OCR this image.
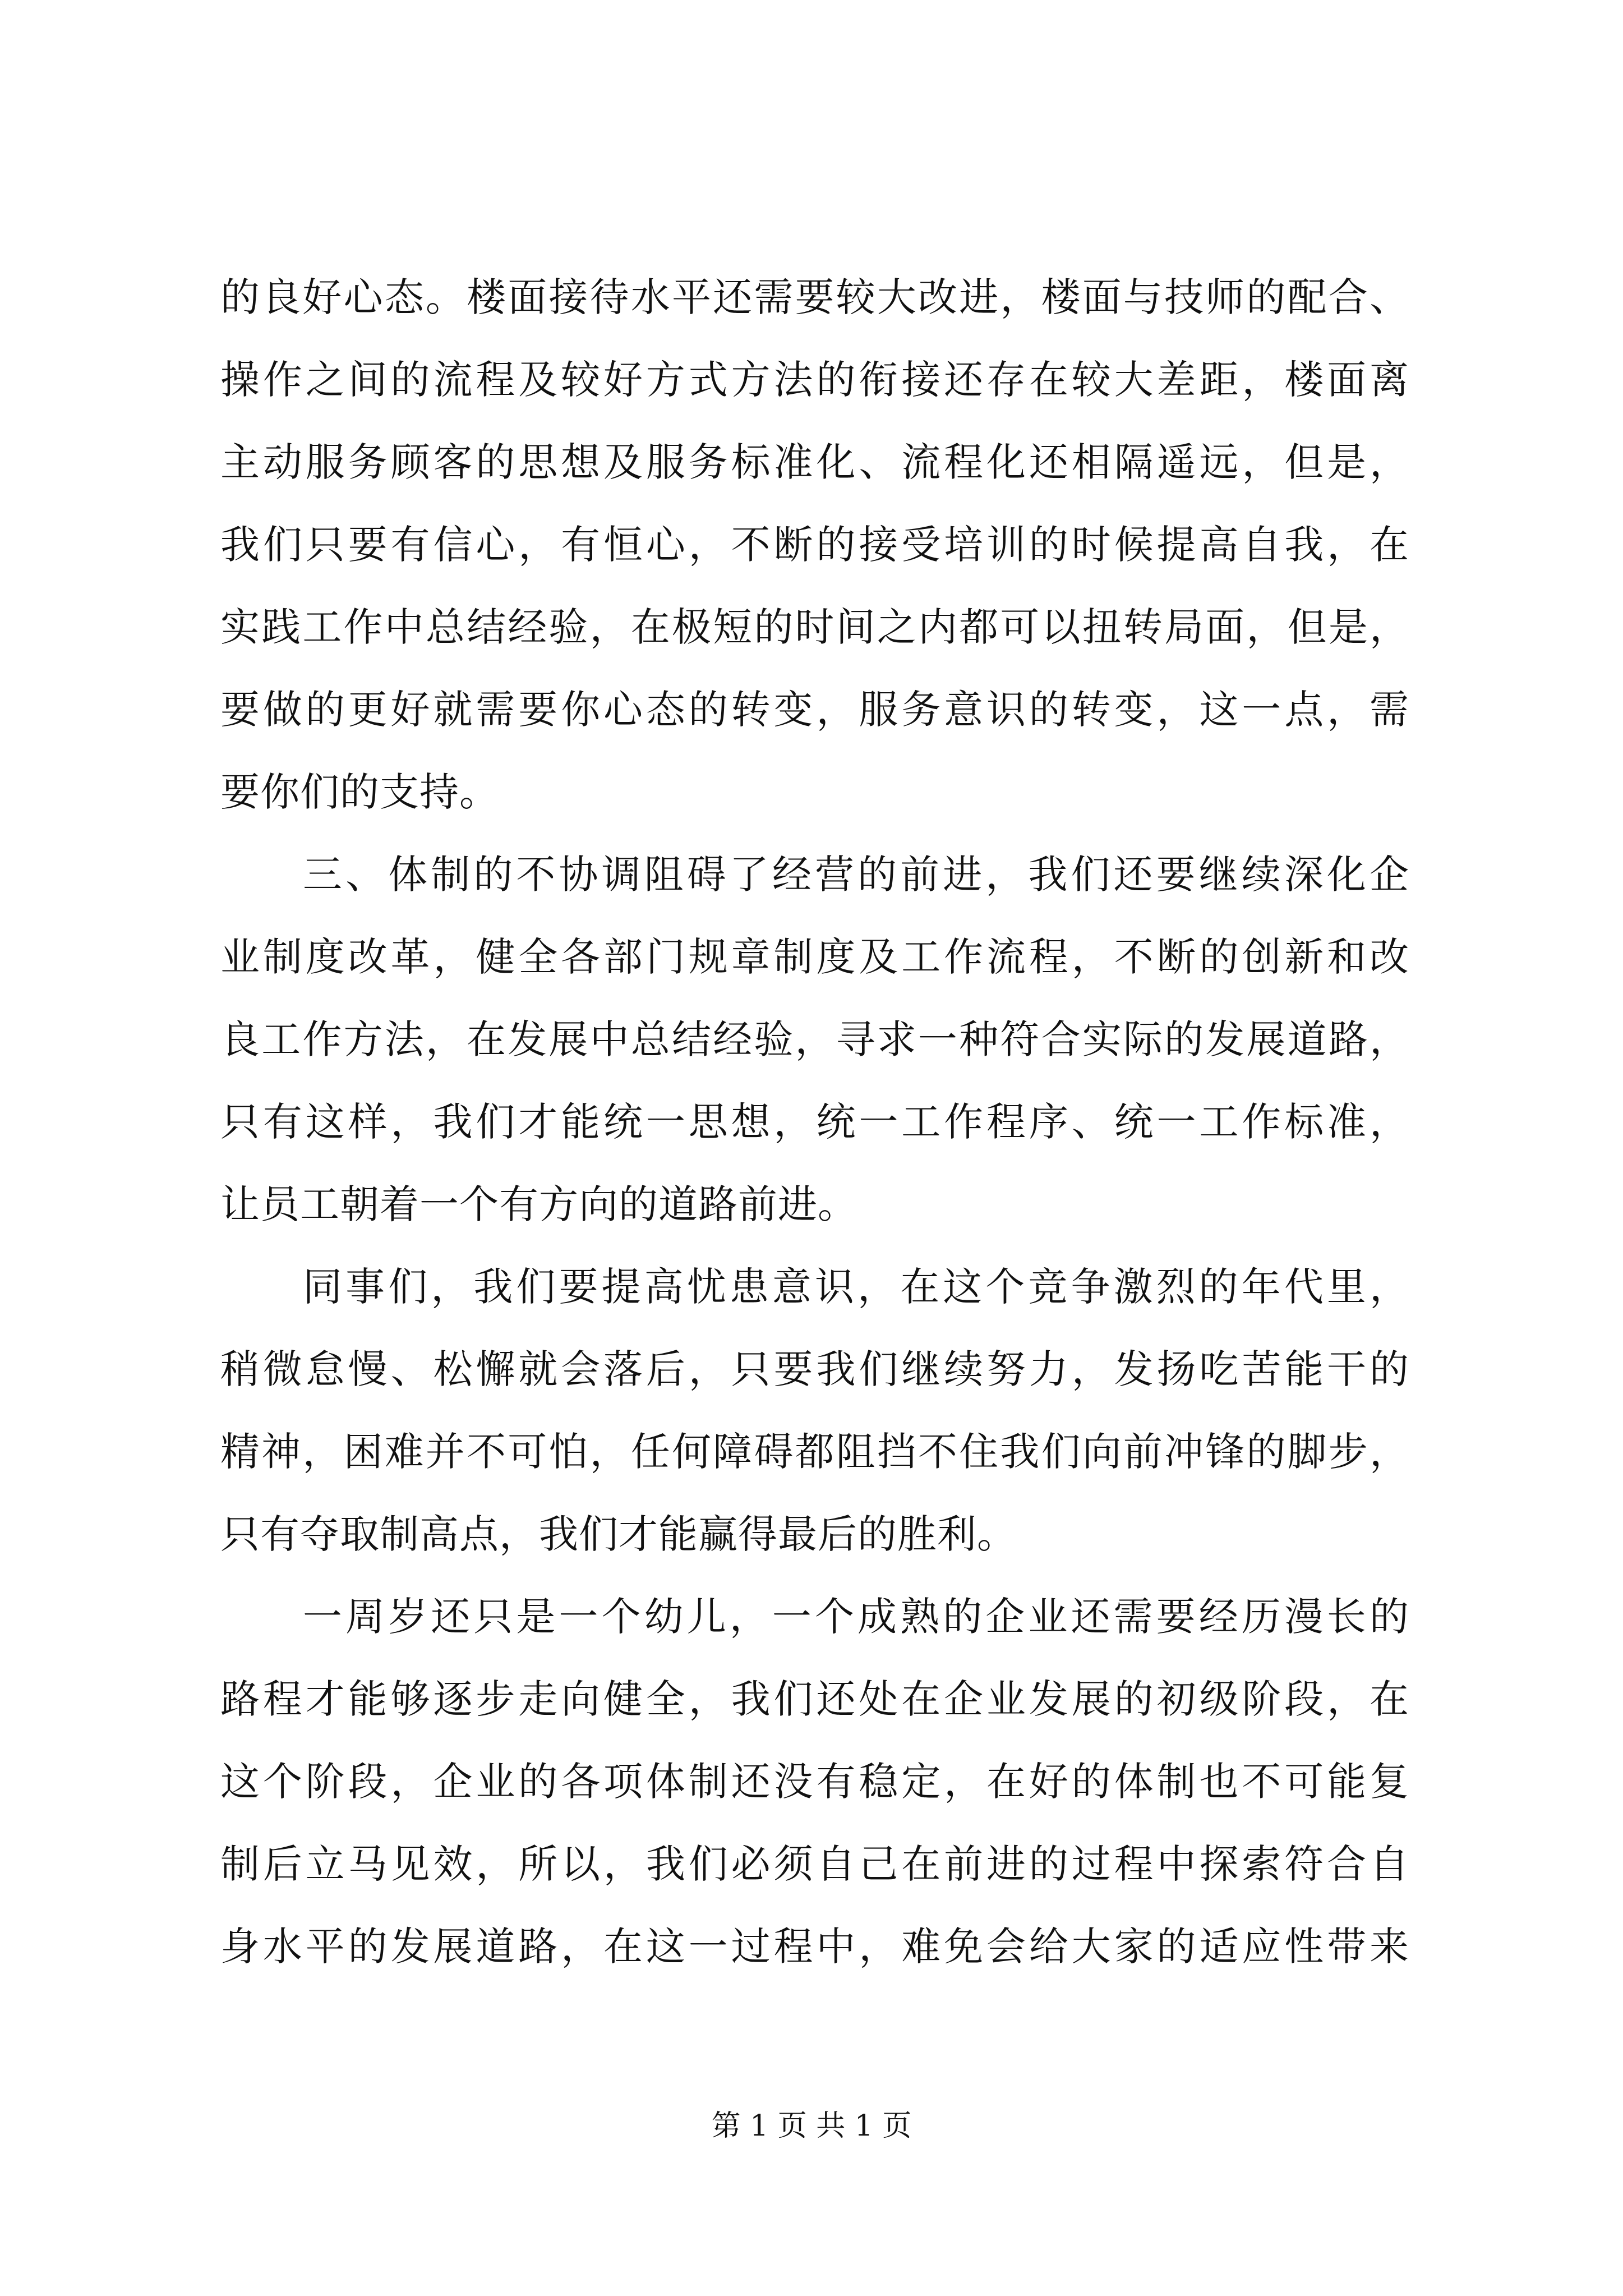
的良好心态。楼面接待水平还需要较大改进，楼面与技师的配合、
操作之间的流程及较好方式方法的衔接还存在较大差距，楼面离
主动服务顾客的思想及服务标准化、流程化还相隔遥远，但是，
我们只要有信心，有恒心，不断的接受培训的时候提高自我，在
实践工作中总结经验，在极短的时间之内都可以扭转局面，但是，
要做的更好就需要你心态的转变，服务意识的转变，这一点，需
要你们的支持。
三、体制的不协调阻碍了经营的前进，我们还要继续深化企
业制度改革，健全各部门规章制度及工作流程，不断的创新和改
良工作方法，在发展中总结经验，寻求一种符合实际的发展道路，
只有这样，我们才能统一思想，统一工作程序、统一工作标准，
让员工朝着一个有方向的道路前进。
同事们，我们要提高忧患意识，在这个竞争激烈的年代里，
稍微怠慢、松懈就会落后，只要我们继续努力，发扬吃苦能干的
精神，困难并不可怕，任何障碍都阻挡不住我们向前冲锋的脚步，
只有夺取制高点，我们才能赢得最后的胜利。
一周岁还只是一个幼儿，一个成熟的企业还需要经历漫长的
路程才能够逐步走向健全，我们还处在企业发展的初级阶段，在
这个阶段，企业的各项体制还没有稳定，在好的体制也不可能复
制后立马见效，所以，我们必须自己在前进的过程中探索符合自
身水平的发展道路，在这一过程中，难免会给大家的适应性带来
第 1 页 共 1 页
